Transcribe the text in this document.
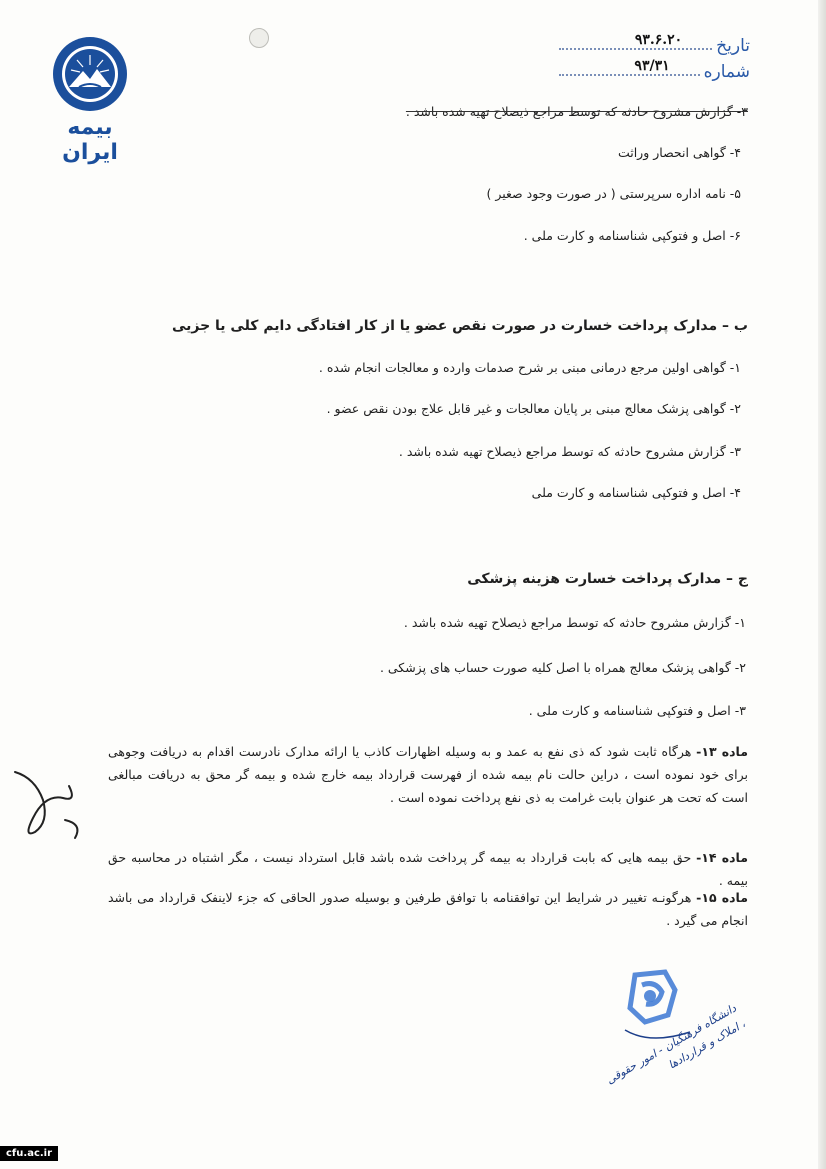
بیمه ایران
تاریخ
۹۳.۶.۲۰
شماره
۹۳/۳۱
۳- گزارش مشروح حادثه که توسط مراجع ذیصلاح تهیه شده باشد .
۴- گواهی انحصار وراثت
۵- نامه اداره سرپرستی ( در صورت وجود صغیر )
۶- اصل و فتوکپی شناسنامه و کارت ملی .
ب – مدارک پرداخت خسارت در صورت نقص عضو یا از کار افتادگی دایم کلی یا جزیی
۱- گواهی اولین مرجع درمانی مبنی بر شرح صدمات وارده و معالجات انجام شده .
۲- گواهی پزشک معالج مبنی بر پایان معالجات و غیر قابل علاج بودن نقص عضو .
۳- گزارش مشروح حادثه که توسط مراجع ذیصلاح تهیه شده باشد .
۴- اصل و فتوکپی شناسنامه و کارت ملی
ج – مدارک پرداخت خسارت هزینه پزشکی
۱- گزارش مشروح حادثه که توسط مراجع ذیصلاح تهیه شده باشد .
۲- گواهی پزشک معالج همراه با اصل کلیه صورت حساب های پزشکی .
۳- اصل و فتوکپی شناسنامه و کارت ملی .
ماده ۱۳- هرگاه ثابت شود که ذی نفع به عمد و به وسیله اظهارات کاذب یا ارائه مدارک نادرست اقدام به دریافت وجوهی برای خود نموده است ، دراین حالت نام بیمه شده از فهرست قرارداد بیمه خارج شده و بیمه گر محق به دریافت مبالغی است که تحت هر عنوان بابت غرامت به ذی نفع پرداخت نموده است .
ماده ۱۴- حق بیمه هایی که بابت قرارداد به بیمه گر پرداخت شده باشد قابل استرداد نیست ، مگر اشتباه در محاسبه حق بیمه .
ماده ۱۵- هرگونـه تغییر در شرایط این توافقنامه با توافق طرفین و بوسیله صدور الحاقی که جزء لاینفک قرارداد می باشد انجام می گیرد .
دانشگاه فرهنگیان - امور حقوقی ، املاک و قراردادها
cfu.ac.ir
